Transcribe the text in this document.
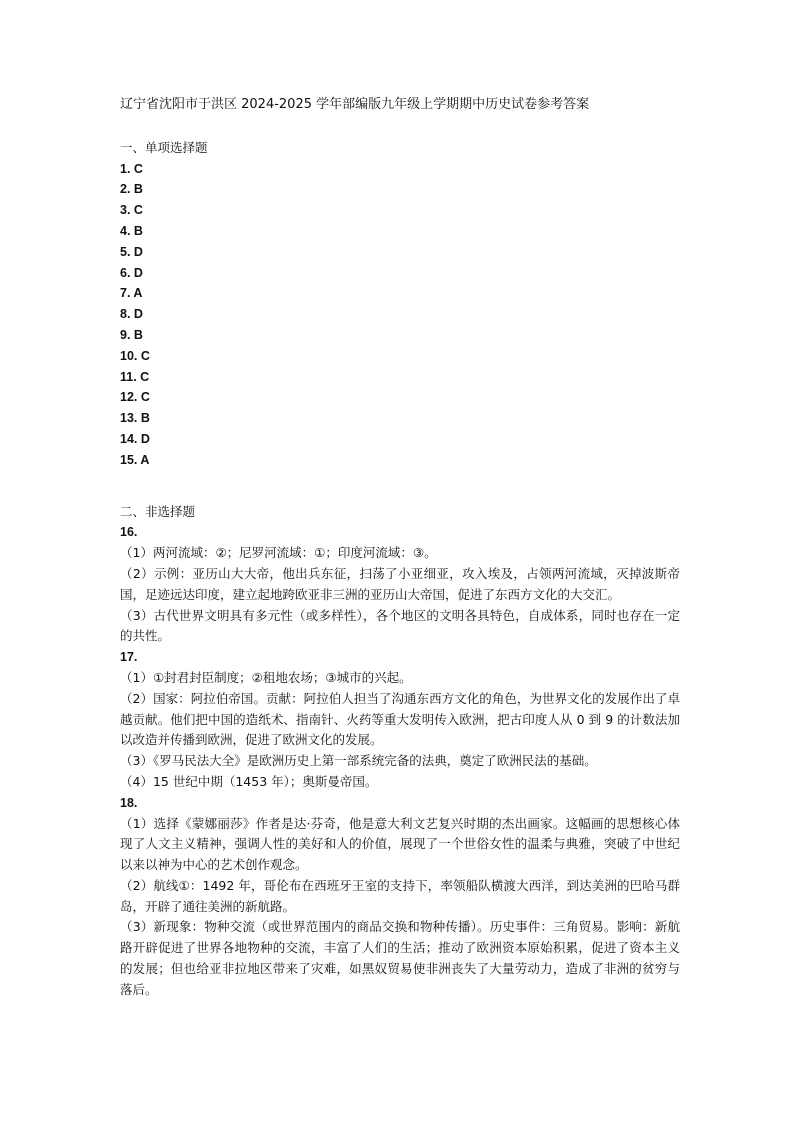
辽宁省沈阳市于洪区 2024-2025 学年部编版九年级上学期期中历史试卷参考答案
一、单项选择题
1. C
2. B
3. C
4. B
5. D
6. D
7. A
8. D
9. B
10. C
11. C
12. C
13. B
14. D
15. A
二、非选择题
16.

（1）两河流域：②；尼罗河流域：①；印度河流域：③。

（2）示例：亚历山大大帝，他出兵东征，扫荡了小亚细亚，攻入埃及，占领两河流域，灭掉波斯帝国，足迹远达印度，建立起地跨欧亚非三洲的亚历山大帝国，促进了东西方文化的大交汇。

（3）古代世界文明具有多元性（或多样性），各个地区的文明各具特色，自成体系，同时也存在一定的共性。

17.

（1）①封君封臣制度；②租地农场；③城市的兴起。

（2）国家：阿拉伯帝国。贡献：阿拉伯人担当了沟通东西方文化的角色，为世界文化的发展作出了卓越贡献。他们把中国的造纸术、指南针、火药等重大发明传入欧洲，把古印度人从 0 到 9 的计数法加以改造并传播到欧洲，促进了欧洲文化的发展。

（3）《罗马民法大全》是欧洲历史上第一部系统完备的法典，奠定了欧洲民法的基础。

（4）15 世纪中期（1453 年）；奥斯曼帝国。

18.

（1）选择《蒙娜丽莎》作者是达·芬奇，他是意大利文艺复兴时期的杰出画家。这幅画的思想核心体现了人文主义精神，强调人性的美好和人的价值，展现了一个世俗女性的温柔与典雅，突破了中世纪以来以神为中心的艺术创作观念。

（2）航线①：1492 年，哥伦布在西班牙王室的支持下，率领船队横渡大西洋，到达美洲的巴哈马群岛，开辟了通往美洲的新航路。

（3）新现象：物种交流（或世界范围内的商品交换和物种传播）。历史事件：三角贸易。影响：新航路开辟促进了世界各地物种的交流，丰富了人们的生活；推动了欧洲资本原始积累，促进了资本主义的发展；但也给亚非拉地区带来了灾难，如黑奴贸易使非洲丧失了大量劳动力，造成了非洲的贫穷与落后。
